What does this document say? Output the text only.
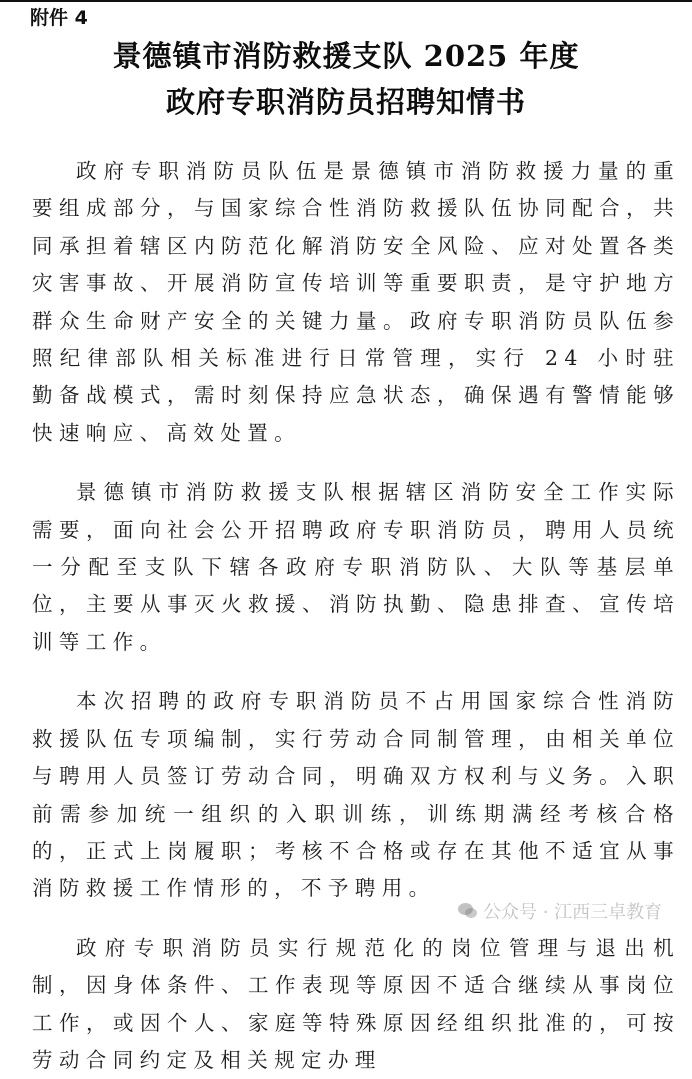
附件 4
景德镇市消防救援支队 2025 年度
政府专职消防员招聘知情书

政府专职消防员队伍是景德镇市消防救援力量的重要组成部分，与国家综合性消防救援队伍协同配合，共同承担着辖区内防范化解消防安全风险、应对处置各类灾害事故、开展消防宣传培训等重要职责，是守护地方群众生命财产安全的关键力量。政府专职消防员队伍参照纪律部队相关标准进行日常管理，实行 24 小时驻勤备战模式，需时刻保持应急状态，确保遇有警情能够快速响应、高效处置。

景德镇市消防救援支队根据辖区消防安全工作实际需要，面向社会公开招聘政府专职消防员，聘用人员统一分配至支队下辖各政府专职消防队、大队等基层单位，主要从事灭火救援、消防执勤、隐患排查、宣传培训等工作。

本次招聘的政府专职消防员不占用国家综合性消防救援队伍专项编制，实行劳动合同制管理，由相关单位与聘用人员签订劳动合同，明确双方权利与义务。入职前需参加统一组织的入职训练，训练期满经考核合格的，正式上岗履职；考核不合格或存在其他不适宜从事消防救援工作情形的，不予聘用。

政府专职消防员实行规范化的岗位管理与退出机制，因身体条件、工作表现等原因不适合继续从事岗位工作，或因个人、家庭等特殊原因经组织批准的，可按劳动合同约定及相关规定办理

公众号 · 江西三卓教育
